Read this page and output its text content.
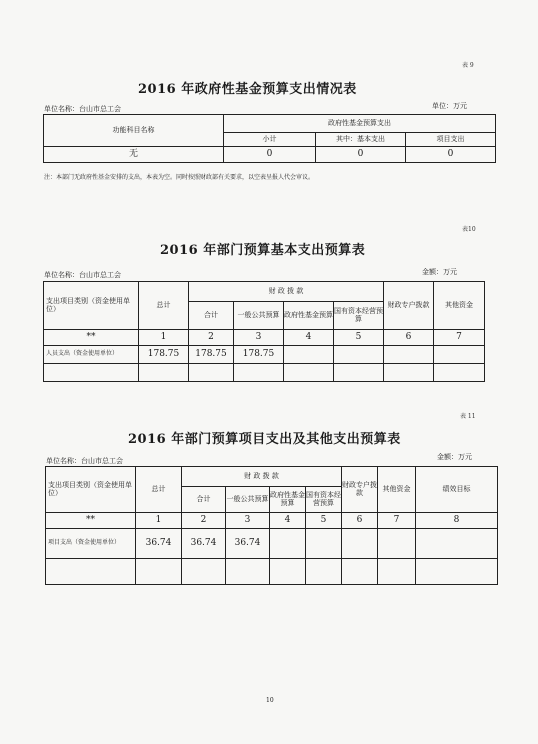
表 9
2016 年政府性基金预算支出情况表
单位名称：台山市总工会	单位：万元
功能科目名称	政府性基金预算支出		
	小计	其中：基本支出	项目支出
无	0	0	0
注：本部门无政府性基金安排的支出，本表为空。同时按照财政部有关要求，以空表呈报人代会审议。
表10
2016 年部门预算基本支出预算表
单位名称：台山市总工会	金额：万元
支出项目类别（资金使用单位）	总计	财 政 拨 款				财政专户拨款	其他资金
		合计	一般公共预算	政府性基金预算	国有资本经营预算		
**	1	2	3	4	5	6	7
人员支出（资金使用单位）	178.75	178.75	178.75				

表 11
2016 年部门预算项目支出及其他支出预算表
单位名称：台山市总工会	金额：万元
支出项目类别（资金使用单位）	总计	财 政 拨 款				财政专户拨款	其他资金	绩效目标
		合计	一般公共预算	政府性基金预算	国有资本经营预算			
**	1	2	3	4	5	6	7	8
项目支出（资金使用单位）	36.74	36.74	36.74					

10
